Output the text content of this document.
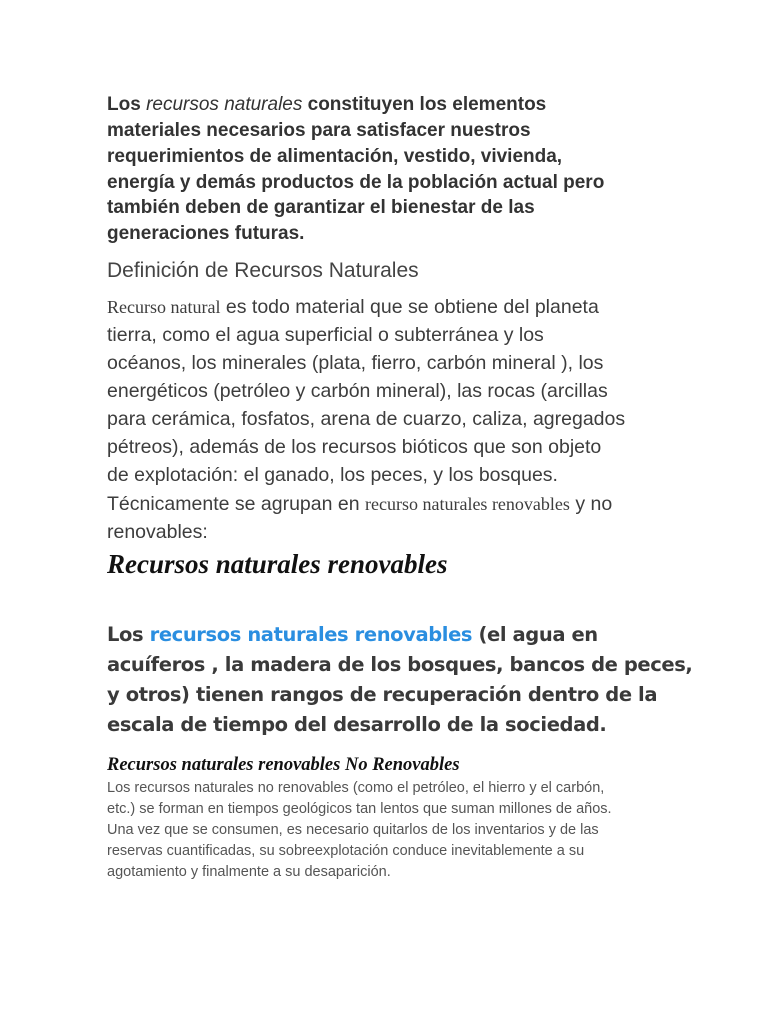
Los recursos naturales constituyen los elementos
materiales necesarios para satisfacer nuestros
requerimientos de alimentación, vestido, vivienda,
energía y demás productos de la población actual pero
también deben de garantizar el bienestar de las
generaciones futuras.
Definición de Recursos Naturales
Recurso natural es todo material que se obtiene del planeta
tierra, como el agua superficial o subterránea y los
océanos, los minerales (plata, fierro, carbón mineral ), los
energéticos (petróleo y carbón mineral), las rocas (arcillas
para cerámica, fosfatos, arena de cuarzo, caliza, agregados
pétreos), además de los recursos bióticos que son objeto
de explotación: el ganado, los peces, y los bosques.
Técnicamente se agrupan en recurso naturales renovables y no
renovables:
Recursos naturales renovables
Los recursos naturales renovables (el agua en
acuíferos , la madera de los bosques, bancos de peces,
y otros) tienen rangos de recuperación dentro de la
escala de tiempo del desarrollo de la sociedad.
Recursos naturales renovables No Renovables
Los recursos naturales no renovables (como el petróleo, el hierro y el carbón,
etc.) se forman en tiempos geológicos tan lentos que suman millones de años.
Una vez que se consumen, es necesario quitarlos de los inventarios y de las
reservas cuantificadas, su sobreexplotación conduce inevitablemente a su
agotamiento y finalmente a su desaparición.
